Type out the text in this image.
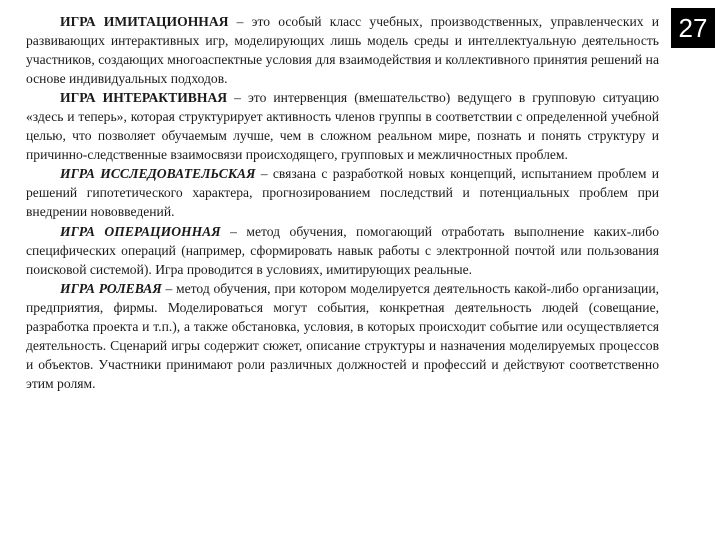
ИГРА ИМИТАЦИОННАЯ – это особый класс учебных, производственных, управленческих и развивающих интерактивных игр, моделирующих лишь модель среды и интеллектуальную деятельность участников, создающих многоаспектные условия для взаимодействия и коллективного принятия решений на основе индивидуальных подходов.

ИГРА ИНТЕРАКТИВНАЯ – это интервенция (вмешательство) ведущего в групповую ситуацию «здесь и теперь», которая структурирует активность членов группы в соответствии с определенной учебной целью, что позволяет обучаемым лучше, чем в сложном реальном мире, познать и понять структуру и причинно-следственные взаимосвязи происходящего, групповых и межличностных проблем.

ИГРА ИССЛЕДОВАТЕЛЬСКАЯ – связана с разработкой новых концепций, испытанием проблем и решений гипотетического характера, прогнозированием последствий и потенциальных проблем при внедрении нововведений.

ИГРА ОПЕРАЦИОННАЯ – метод обучения, помогающий отработать выполнение каких-либо специфических операций (например, сформировать навык работы с электронной почтой или пользования поисковой системой). Игра проводится в условиях, имитирующих реальные.

ИГРА РОЛЕВАЯ – метод обучения, при котором моделируется деятельность какой-либо организации, предприятия, фирмы. Моделироваться могут события, конкретная деятельность людей (совещание, разработка проекта и т.п.), а также обстановка, условия, в которых происходит событие или осуществляется деятельность. Сценарий игры содержит сюжет, описание структуры и назначения моделируемых процессов и объектов. Участники принимают роли различных должностей и профессий и действуют соответственно этим ролям.

27
